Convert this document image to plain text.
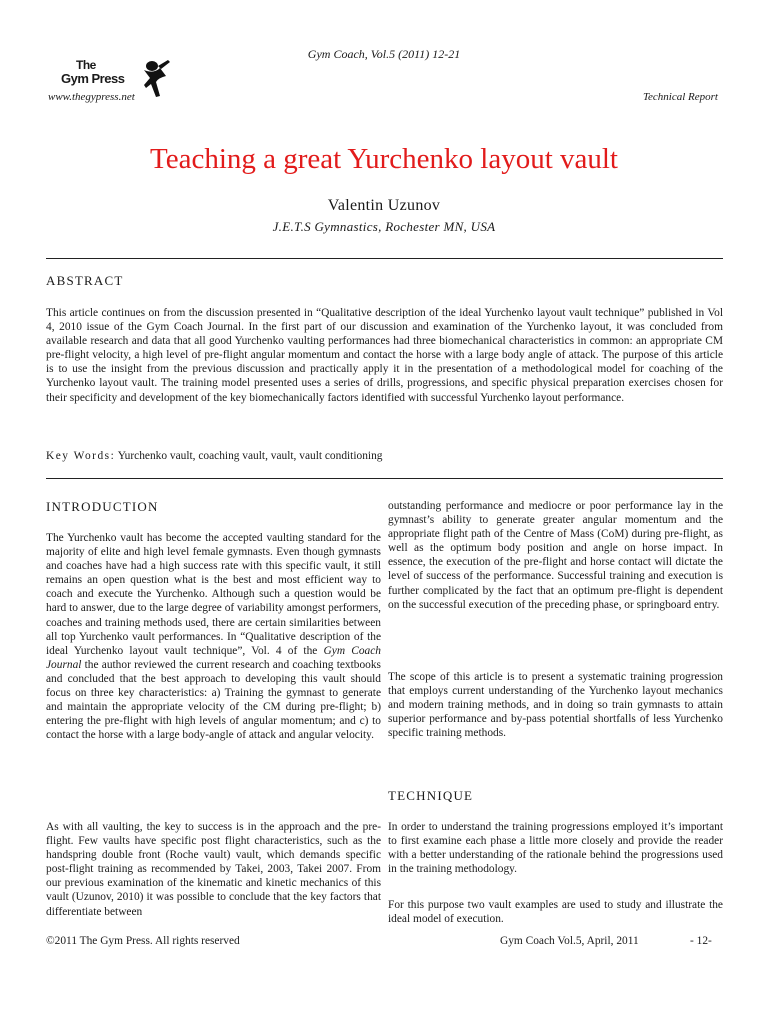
Gym Coach, Vol.5 (2011) 12-21
The
Gym Press
www.thegypress.net	Technical Report
Teaching a great Yurchenko layout vault
Valentin Uzunov
J.E.T.S Gymnastics, Rochester MN, USA
ABSTRACT
This article continues on from the discussion presented in “Qualitative description of the ideal Yurchenko layout vault technique” published in Vol 4, 2010 issue of the Gym Coach Journal. In the first part of our discussion and examination of the Yurchenko layout, it was concluded from available research and data that all good Yurchenko vaulting performances had three biomechanical characteristics in common: an appropriate CM pre-flight velocity, a high level of pre-flight angular momentum and contact the horse with a large body angle of attack. The purpose of this article is to use the insight from the previous discussion and practically apply it in the presentation of a methodological model for coaching of the Yurchenko layout vault. The training model presented uses a series of drills, progressions, and specific physical preparation exercises chosen for their specificity and development of the key biomechanically factors identified with successful Yurchenko layout performance.
Key Words: Yurchenko vault, coaching vault, vault, vault conditioning
INTRODUCTION
The Yurchenko vault has become the accepted vaulting standard for the majority of elite and high level female gymnasts. Even though gymnasts and coaches have had a high success rate with this specific vault, it still remains an open question what is the best and most efficient way to coach and execute the Yurchenko. Although such a question would be hard to answer, due to the large degree of variability amongst performers, coaches and training methods used, there are certain similarities between all top Yurchenko vault performances. In “Qualitative description of the ideal Yurchenko layout vault technique”, Vol. 4 of the Gym Coach Journal the author reviewed the current research and coaching textbooks and concluded that the best approach to developing this vault should focus on three key characteristics: a) Training the gymnast to generate and maintain the appropriate velocity of the CM during pre-flight; b) entering the pre-flight with high levels of angular momentum; and c) to contact the horse with a large body-angle of attack and angular velocity.
As with all vaulting, the key to success is in the approach and the pre-flight. Few vaults have specific post flight characteristics, such as the handspring double front (Roche vault) vault, which demands specific post-flight training as recommended by Takei, 2003, Takei 2007. From our previous examination of the kinematic and kinetic mechanics of this vault (Uzunov, 2010) it was possible to conclude that the key factors that differentiate between
outstanding performance and mediocre or poor performance lay in the gymnast’s ability to generate greater angular momentum and the appropriate flight path of the Centre of Mass (CoM) during pre-flight, as well as the optimum body position and angle on horse impact. In essence, the execution of the pre-flight and horse contact will dictate the level of success of the performance. Successful training and execution is further complicated by the fact that an optimum pre-flight is dependent on the successful execution of the preceding phase, or springboard entry.
The scope of this article is to present a systematic training progression that employs current understanding of the Yurchenko layout mechanics and modern training methods, and in doing so train gymnasts to attain superior performance and by-pass potential shortfalls of less Yurchenko specific training methods.
TECHNIQUE
In order to understand the training progressions employed it’s important to first examine each phase a little more closely and provide the reader with a better understanding of the rationale behind the progressions used in the training methodology.
For this purpose two vault examples are used to study and illustrate the ideal model of execution.
©2011 The Gym Press. All rights reserved	Gym Coach Vol.5, April, 2011	- 12-
